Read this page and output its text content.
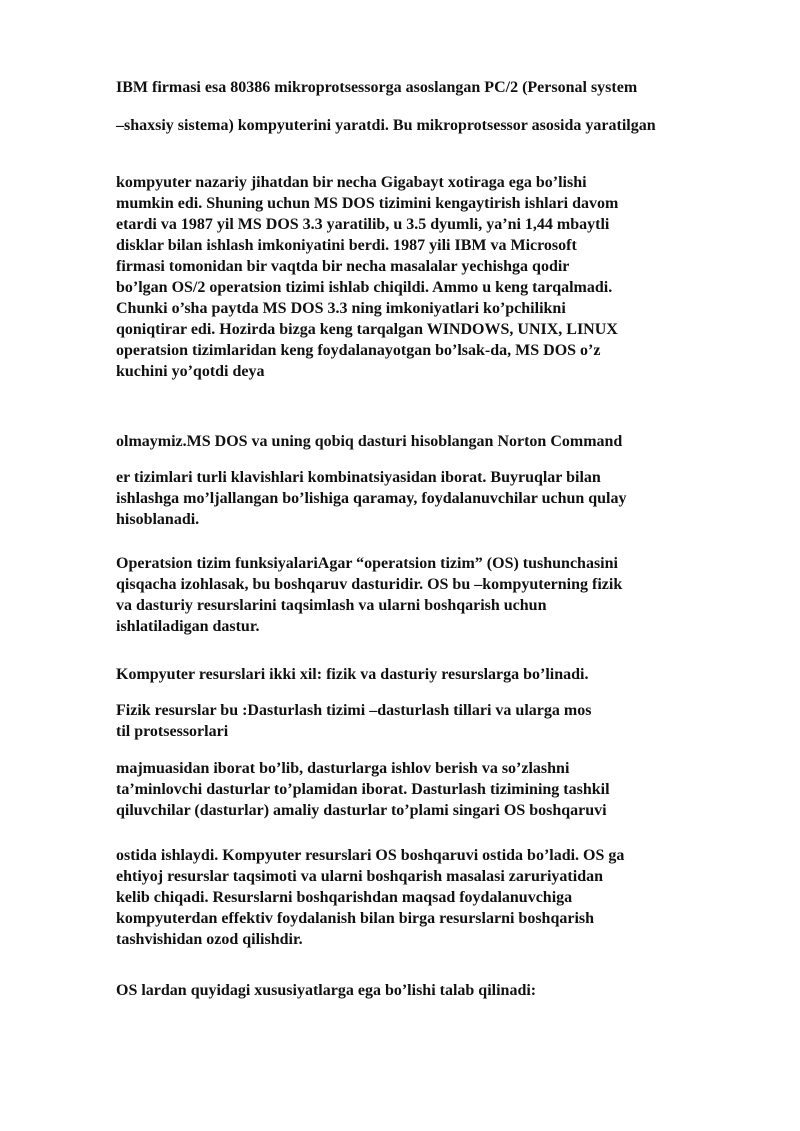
IBM firmasi esa 80386 mikroprotsessorga asoslangan PC/2 (Personal system

–shaxsiy sistema) kompyuterini yaratdi. Bu mikroprotsessor asosida yaratilgan

kompyuter nazariy jihatdan bir necha Gigabayt xotiraga ega bo’lishi
mumkin edi. Shuning uchun MS DOS tizimini kengaytirish ishlari davom
etardi va 1987 yil MS DOS 3.3 yaratilib, u 3.5 dyumli, ya’ni 1,44 mbaytli
disklar bilan ishlash imkoniyatini berdi. 1987 yili IBM va Microsoft
firmasi tomonidan bir vaqtda bir necha masalalar yechishga qodir
bo’lgan OS/2 operatsion tizimi ishlab chiqildi. Ammo u keng tarqalmadi.
Chunki o’sha paytda MS DOS 3.3 ning imkoniyatlari ko’pchilikni
qoniqtirar edi. Hozirda bizga keng tarqalgan WINDOWS, UNIX, LINUX
operatsion tizimlaridan keng foydalanayotgan bo’lsak-da, MS DOS o’z
kuchini yo’qotdi deya

olmaymiz.MS DOS va uning qobiq dasturi hisoblangan Norton Command

er tizimlari turli klavishlari kombinatsiyasidan iborat. Buyruqlar bilan
ishlashga mo’ljallangan bo’lishiga qaramay, foydalanuvchilar uchun qulay
hisoblanadi.

Operatsion tizim funksiyalariAgar “operatsion tizim” (OS) tushunchasini
qisqacha izohlasak, bu boshqaruv dasturidir. OS bu –kompyuterning fizik
va dasturiy resurslarini taqsimlash va ularni boshqarish uchun
ishlatiladigan dastur.

Kompyuter resurslari ikki xil: fizik va dasturiy resurslarga bo’linadi.

Fizik resurslar bu :Dasturlash tizimi –dasturlash tillari va ularga mos
til protsessorlari

majmuasidan iborat bo’lib, dasturlarga ishlov berish va so’zlashni
ta’minlovchi dasturlar to’plamidan iborat. Dasturlash tizimining tashkil
qiluvchilar (dasturlar) amaliy dasturlar to’plami singari OS boshqaruvi

ostida ishlaydi. Kompyuter resurslari OS boshqaruvi ostida bo’ladi. OS ga
ehtiyoj resurslar taqsimoti va ularni boshqarish masalasi zaruriyatidan
kelib chiqadi. Resurslarni boshqarishdan maqsad foydalanuvchiga
kompyuterdan effektiv foydalanish bilan birga resurslarni boshqarish
tashvishidan ozod qilishdir.

OS lardan quyidagi xususiyatlarga ega bo’lishi talab qilinadi:
